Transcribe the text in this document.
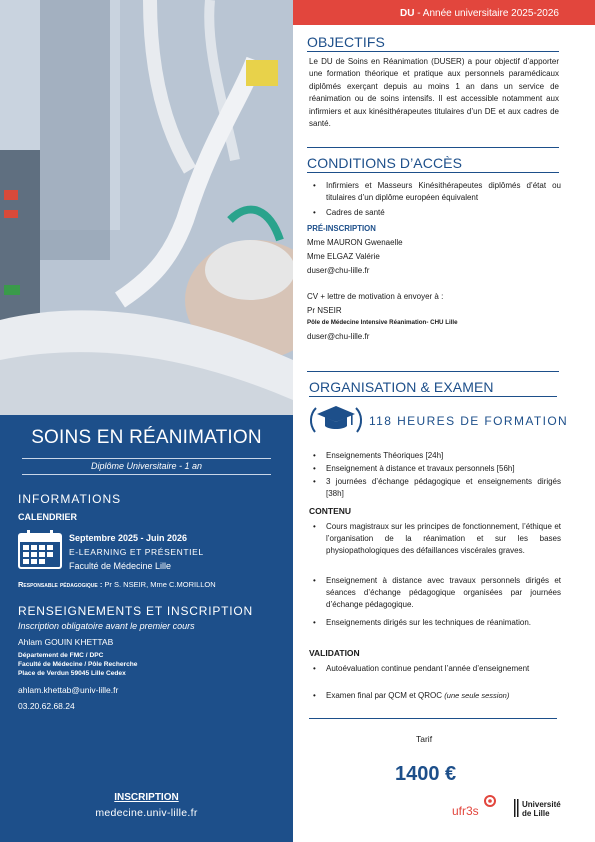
SOINS EN RÉANIMATION
Diplôme Universitaire - 1 an
INFORMATIONS
CALENDRIER
Septembre 2025 - Juin 2026
E-LEARNING ET PRÉSENTIEL
Faculté de Médecine Lille
Responsable pédagogique : Pr S. NSEIR, Mme C.MORILLON
RENSEIGNEMENTS ET INSCRIPTION
Inscription obligatoire avant le premier cours
Ahlam GOUIN KHETTAB
Département de FMC / DPC
Faculté de Médecine / Pôle Recherche
Place de Verdun 59045 Lille Cedex
ahlam.khettab@univ-lille.fr
03.20.62.68.24
INSCRIPTION
medecine.univ-lille.fr
DU - Année universitaire 2025-2026
OBJECTIFS
Le DU de Soins en Réanimation (DUSER) a pour objectif d’apporter une formation théorique et pratique aux personnels paramédicaux diplômés exerçant depuis au moins 1 an dans un service de réanimation ou de soins intensifs. Il est accessible notamment aux infirmiers et aux kinésithérapeutes titulaires d’un DE et aux cadres de santé.
CONDITIONS D’ACCÈS
• Infirmiers et Masseurs Kinésithérapeutes diplômés d’état ou titulaires d’un diplôme européen équivalent
• Cadres de santé
PRÉ-INSCRIPTION
Mme MAURON Gwenaelle
Mme ELGAZ Valérie
duser@chu-lille.fr
CV + lettre de motivation à envoyer à :
Pr NSEIR
Pôle de Médecine Intensive Réanimation- CHU Lille
duser@chu-lille.fr
ORGANISATION & EXAMEN
118 HEURES DE FORMATION
• Enseignements Théoriques [24h]
• Enseignement à distance et travaux personnels [56h]
• 3 journées d’échange pédagogique et enseignements dirigés [38h]
CONTENU
• Cours magistraux sur les principes de fonctionnement, l’éthique et l’organisation de la réanimation et sur les bases physiopathologiques des défaillances viscérales graves.
• Enseignement à distance avec travaux personnels dirigés et séances d’échange pédagogique organisées par journées d’échange pédagogique.
• Enseignements dirigés sur les techniques de réanimation.
VALIDATION
• Autoévaluation continue pendant l’année d’enseignement
• Examen final par QCM et QROC (une seule session)
Tarif
1400 €
ufr3s	Université
de Lille
